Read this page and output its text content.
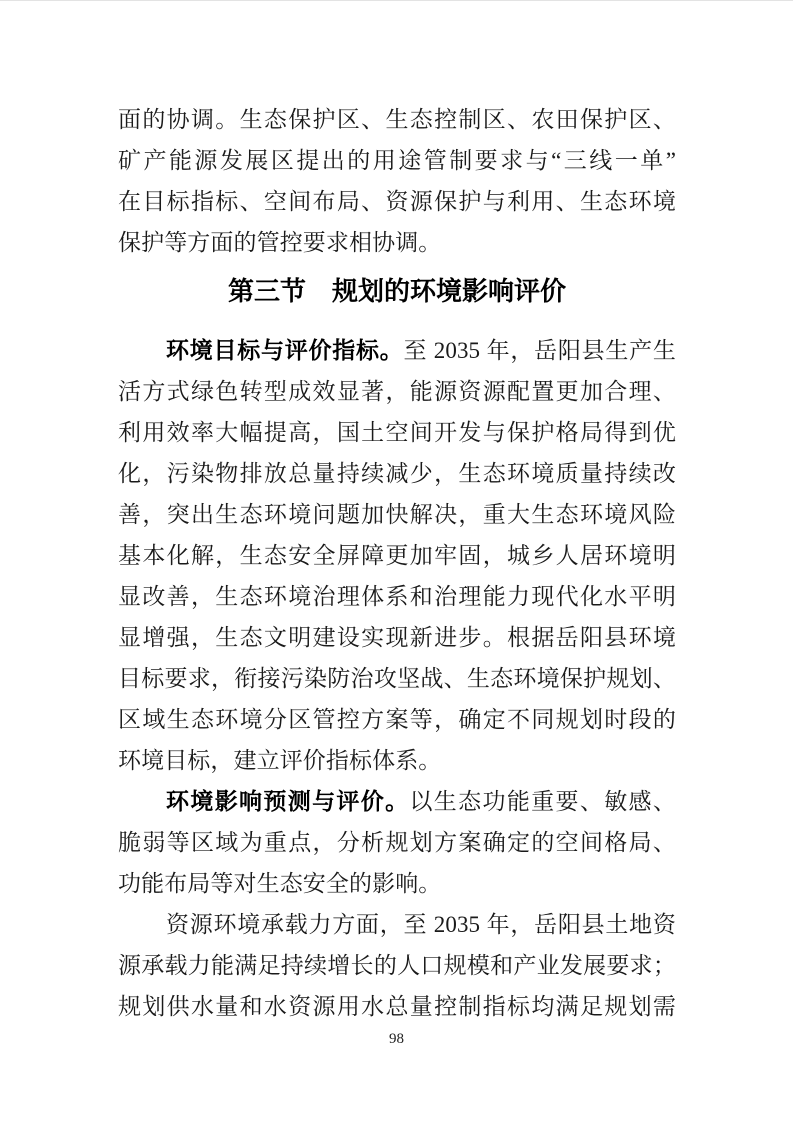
面的协调。生态保护区、生态控制区、农田保护区、
矿产能源发展区提出的用途管制要求与“三线一单”
在目标指标、空间布局、资源保护与利用、生态环境
保护等方面的管控要求相协调。
第三节　规划的环境影响评价
环境目标与评价指标。至 2035 年，岳阳县生产生
活方式绿色转型成效显著，能源资源配置更加合理、
利用效率大幅提高，国土空间开发与保护格局得到优
化，污染物排放总量持续减少，生态环境质量持续改
善，突出生态环境问题加快解决，重大生态环境风险
基本化解，生态安全屏障更加牢固，城乡人居环境明
显改善，生态环境治理体系和治理能力现代化水平明
显增强，生态文明建设实现新进步。根据岳阳县环境
目标要求，衔接污染防治攻坚战、生态环境保护规划、
区域生态环境分区管控方案等，确定不同规划时段的
环境目标，建立评价指标体系。
环境影响预测与评价。以生态功能重要、敏感、
脆弱等区域为重点，分析规划方案确定的空间格局、
功能布局等对生态安全的影响。
资源环境承载力方面，至 2035 年，岳阳县土地资
源承载力能满足持续增长的人口规模和产业发展要求；
规划供水量和水资源用水总量控制指标均满足规划需
98
